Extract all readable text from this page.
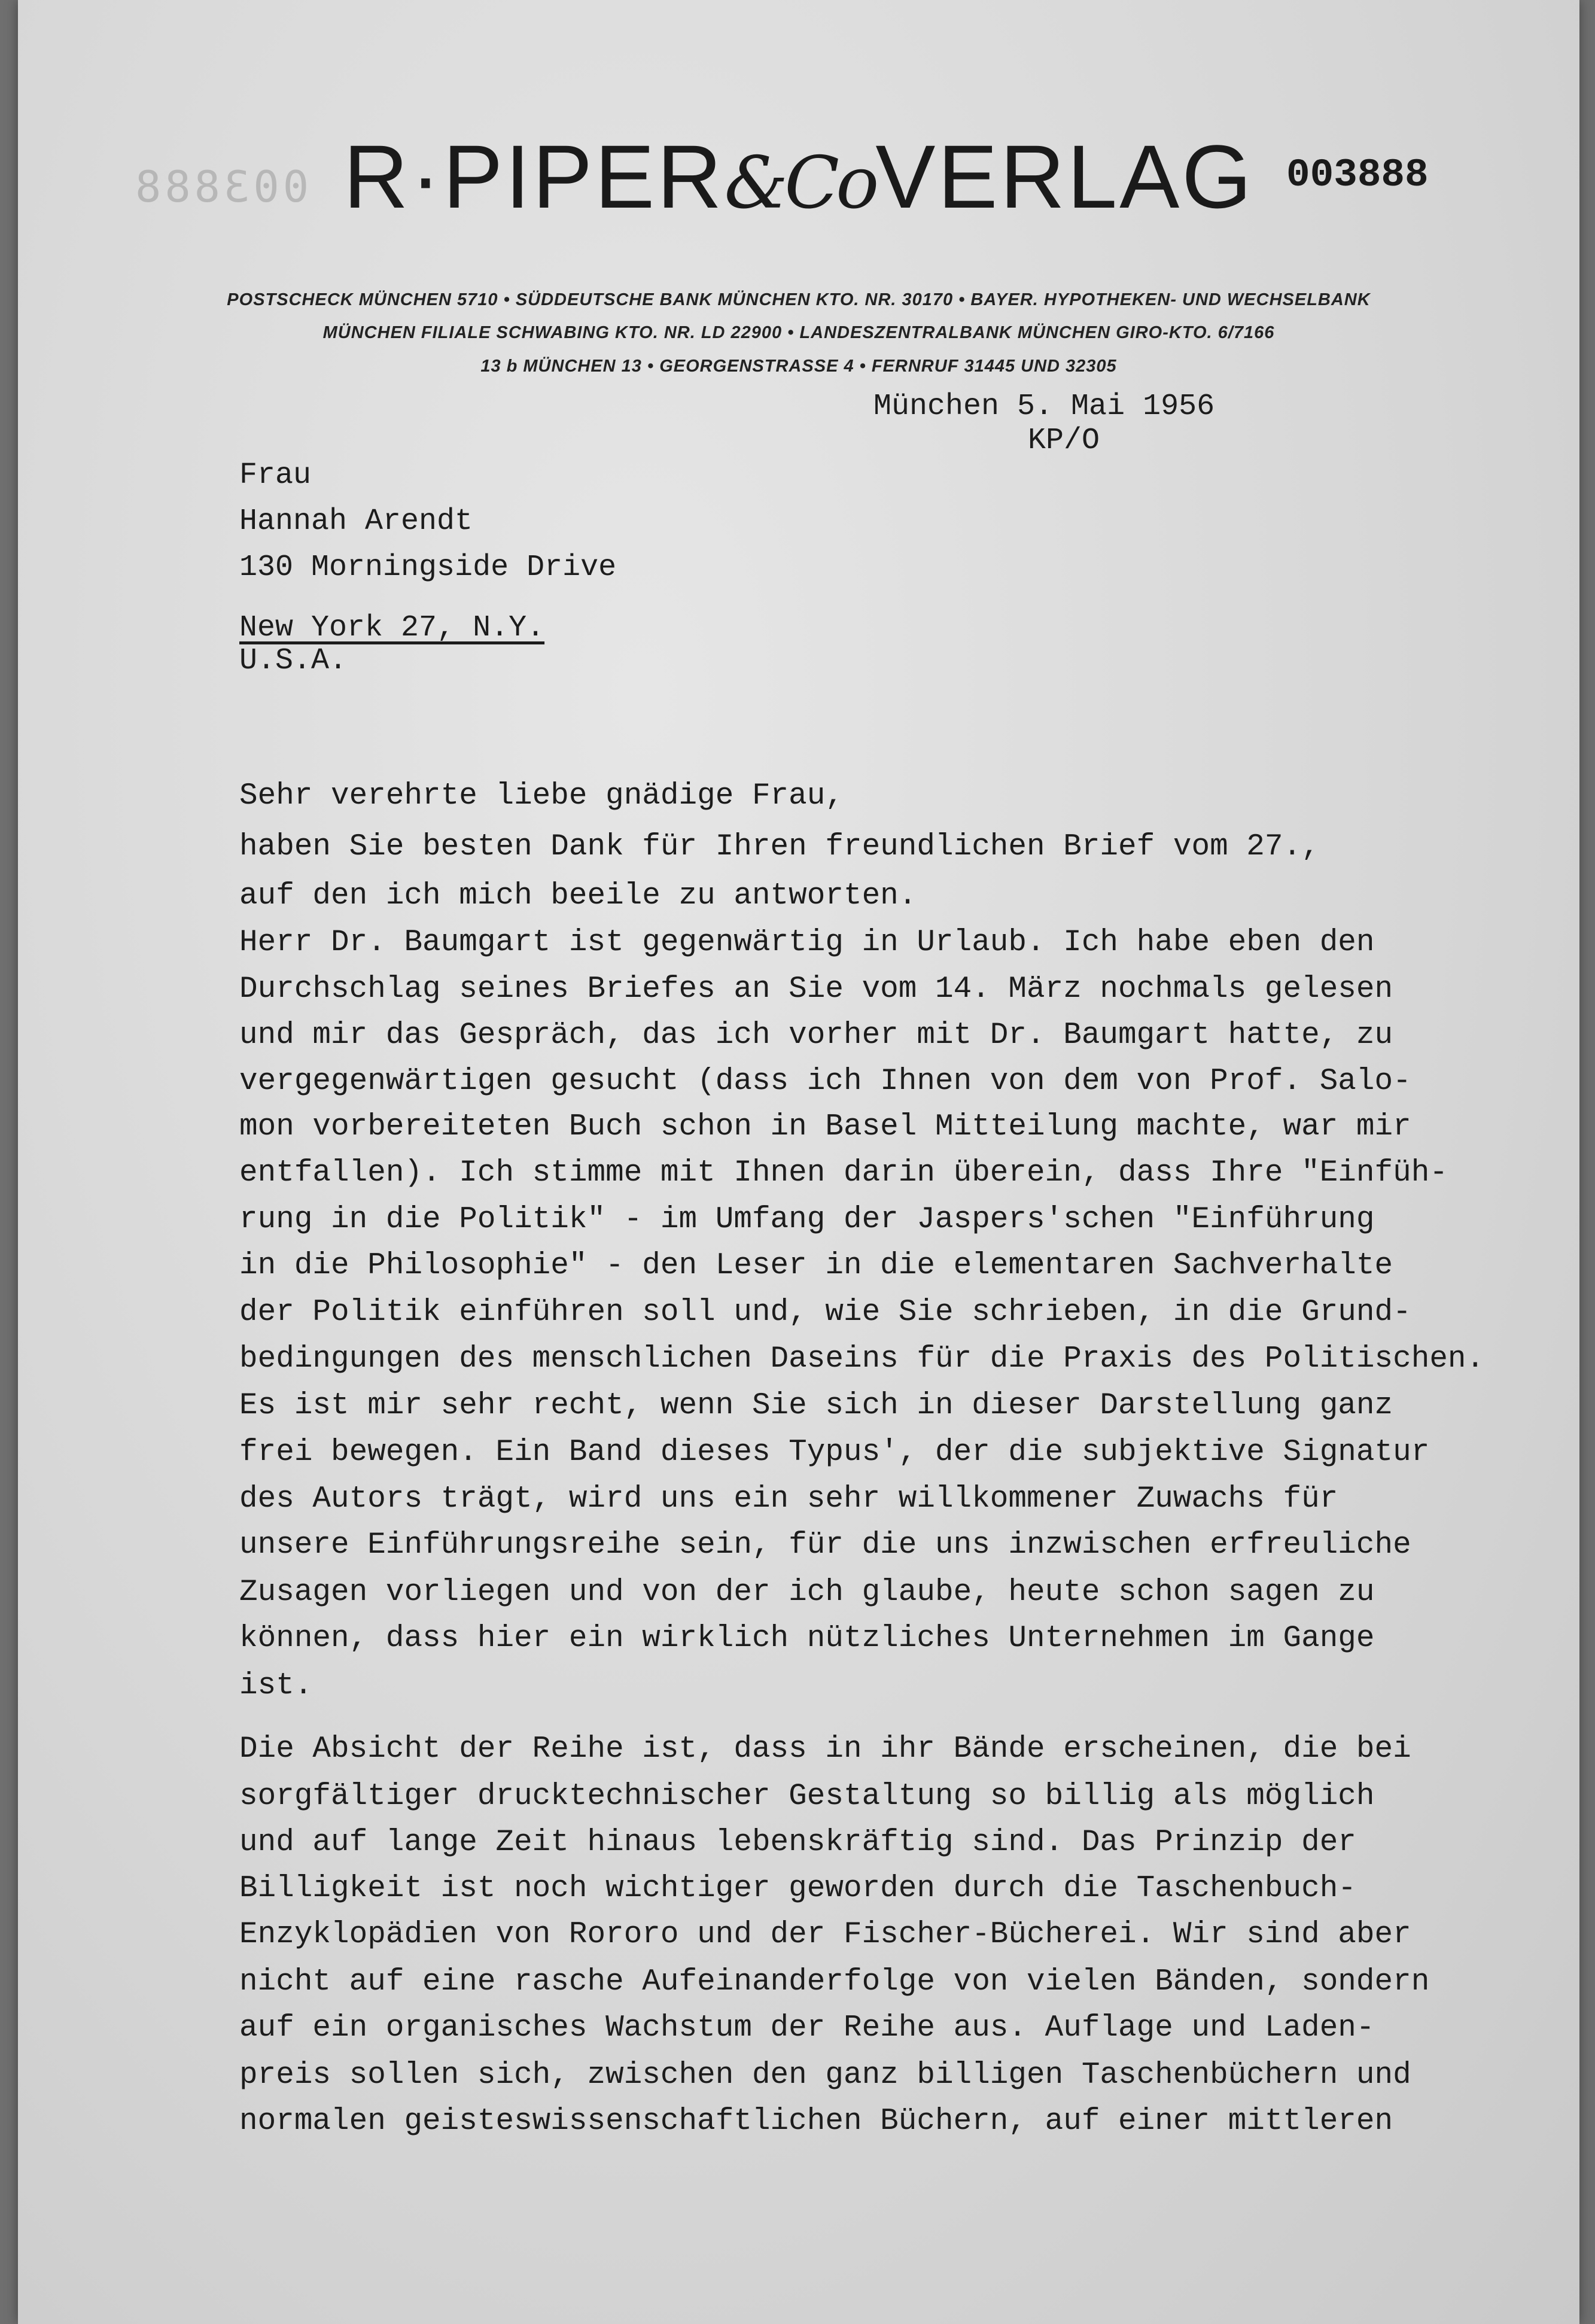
003888 R·PIPER&CoVERLAG 003888
POSTSCHECK MÜNCHEN 5710 • SÜDDEUTSCHE BANK MÜNCHEN KTO. NR. 30170 • BAYER. HYPOTHEKEN- UND WECHSELBANK
MÜNCHEN FILIALE SCHWABING KTO. NR. LD 22900 • LANDESZENTRALBANK MÜNCHEN GIRO-KTO. 6/7166
13 b MÜNCHEN 13 • GEORGENSTRASSE 4 • FERNRUF 31445 UND 32305
München 5. Mai 1956
KP/O
Frau
Hannah Arendt
130 Morningside Drive
New York 27, N.Y.
U.S.A.
Sehr verehrte liebe gnädige Frau,
haben Sie besten Dank für Ihren freundlichen Brief vom 27.,
auf den ich mich beeile zu antworten.
Herr Dr. Baumgart ist gegenwärtig in Urlaub. Ich habe eben den
Durchschlag seines Briefes an Sie vom 14. März nochmals gelesen
und mir das Gespräch, das ich vorher mit Dr. Baumgart hatte, zu
vergegenwärtigen gesucht (dass ich Ihnen von dem von Prof. Salo-
mon vorbereiteten Buch schon in Basel Mitteilung machte, war mir
entfallen). Ich stimme mit Ihnen darin überein, dass Ihre "Einfüh-
rung in die Politik" - im Umfang der Jaspers'schen "Einführung
in die Philosophie" - den Leser in die elementaren Sachverhalte
der Politik einführen soll und, wie Sie schrieben, in die Grund-
bedingungen des menschlichen Daseins für die Praxis des Politischen.
Es ist mir sehr recht, wenn Sie sich in dieser Darstellung ganz
frei bewegen. Ein Band dieses Typus', der die subjektive Signatur
des Autors trägt, wird uns ein sehr willkommener Zuwachs für
unsere Einführungsreihe sein, für die uns inzwischen erfreuliche
Zusagen vorliegen und von der ich glaube, heute schon sagen zu
können, dass hier ein wirklich nützliches Unternehmen im Gange
ist.
Die Absicht der Reihe ist, dass in ihr Bände erscheinen, die bei
sorgfältiger drucktechnischer Gestaltung so billig als möglich
und auf lange Zeit hinaus lebenskräftig sind. Das Prinzip der
Billigkeit ist noch wichtiger geworden durch die Taschenbuch-
Enzyklopädien von Rororo und der Fischer-Bücherei. Wir sind aber
nicht auf eine rasche Aufeinanderfolge von vielen Bänden, sondern
auf ein organisches Wachstum der Reihe aus. Auflage und Laden-
preis sollen sich, zwischen den ganz billigen Taschenbüchern und
normalen geisteswissenschaftlichen Büchern, auf einer mittleren
